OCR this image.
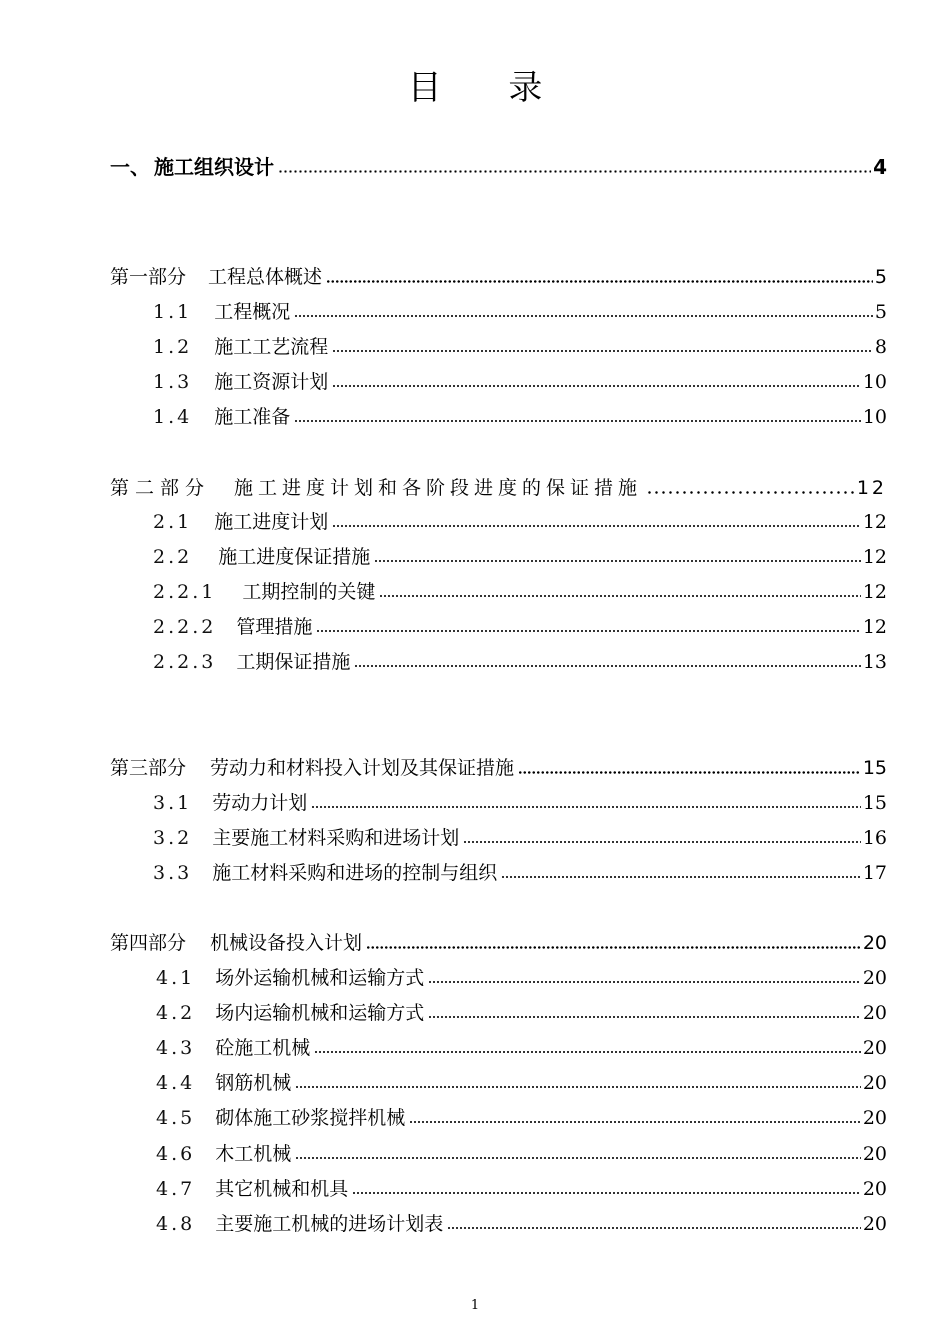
目 录
一、 施工组织设计	4
第一部分 工程总体概述	5
1.1 工程概况	5
1.2 施工工艺流程	8
1.3 施工资源计划	10
1.4 施工准备	10
第二部分 施工进度计划和各阶段进度的保证措施	12
2.1 施工进度计划	12
2.2 施工进度保证措施	12
2.2.1 工期控制的关键	12
2.2.2 管理措施	12
2.2.3 工期保证措施	13
第三部分 劳动力和材料投入计划及其保证措施	15
3.1 劳动力计划	15
3.2 主要施工材料采购和进场计划	16
3.3 施工材料采购和进场的控制与组织	17
第四部分 机械设备投入计划	20
4.1 场外运输机械和运输方式	20
4.2 场内运输机械和运输方式	20
4.3 砼施工机械	20
4.4 钢筋机械	20
4.5 砌体施工砂浆搅拌机械	20
4.6 木工机械	20
4.7 其它机械和机具	20
4.8 主要施工机械的进场计划表	20
1
